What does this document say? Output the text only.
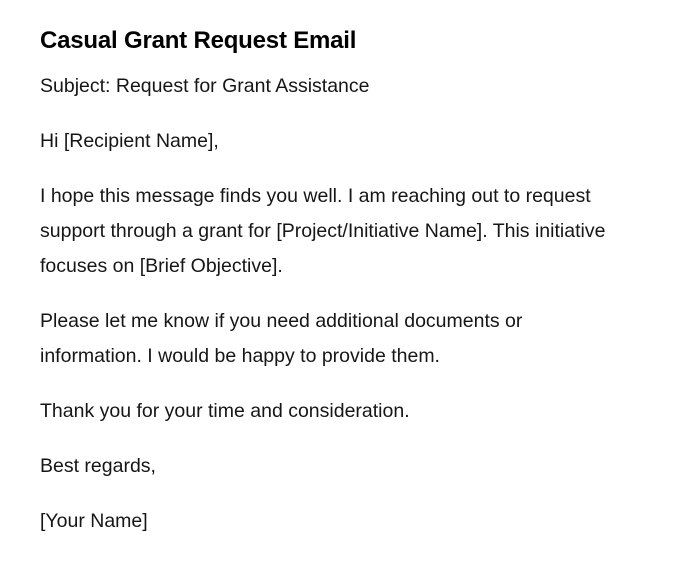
Casual Grant Request Email

Subject: Request for Grant Assistance

Hi [Recipient Name],

I hope this message finds you well. I am reaching out to request support through a grant for [Project/Initiative Name]. This initiative focuses on [Brief Objective].

Please let me know if you need additional documents or information. I would be happy to provide them.

Thank you for your time and consideration.

Best regards,

[Your Name]
